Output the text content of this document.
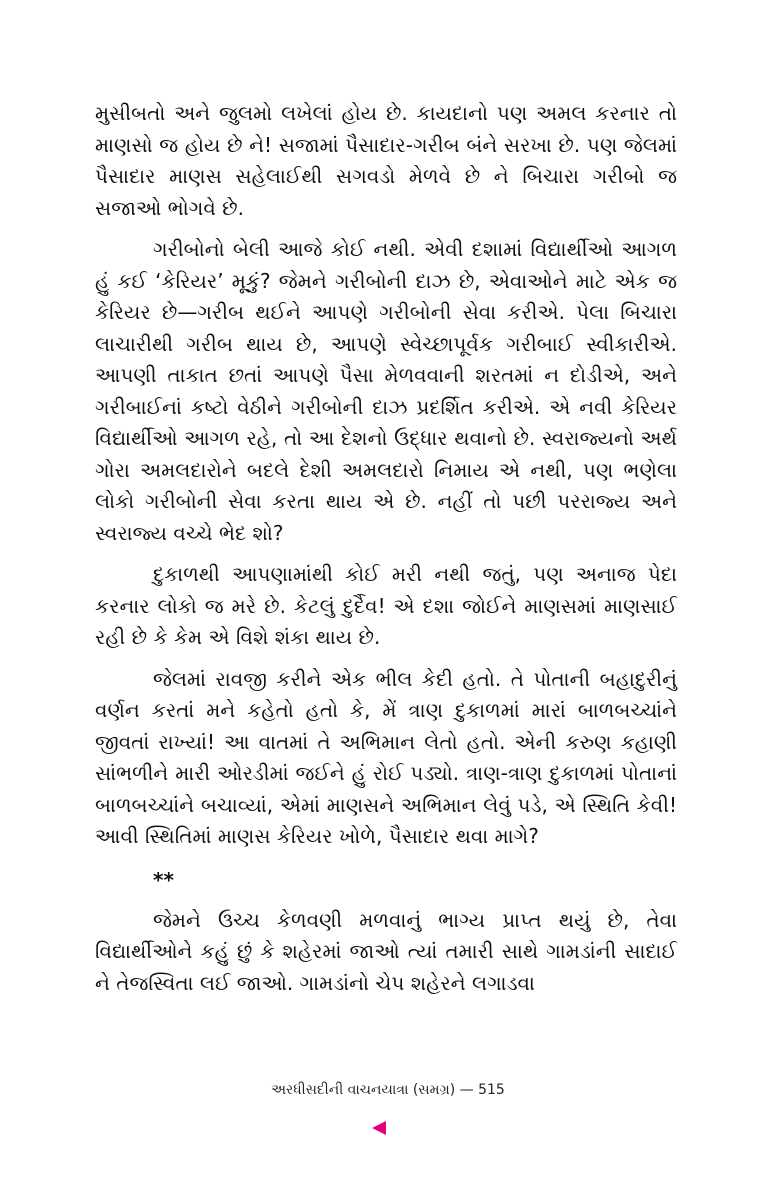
મુસીબતો અને જુલમો લખેલાં હોય છે. કાયદાનો પણ અમલ કરનાર તો માણસો જ હોય છે ને! સજામાં પૈસાદાર-ગરીબ બંને સરખા છે. પણ જેલમાં પૈસાદાર માણસ સહેલાઈથી સગવડો મેળવે છે ને બિચારા ગરીબો જ સજાઓ ભોગવે છે.

ગરીબોનો બેલી આજે કોઈ નથી. એવી દશામાં વિદ્યાર્થીઓ આગળ હું કઈ ‘કેરિયર’ મૂકું? જેમને ગરીબોની દાઝ છે, એવાઓને માટે એક જ કેરિયર છે—ગરીબ થઈને આપણે ગરીબોની સેવા કરીએ. પેલા બિચારા લાચારીથી ગરીબ થાય છે, આપણે સ્વેચ્છાપૂર્વક ગરીબાઈ સ્વીકારીએ. આપણી તાકાત છતાં આપણે પૈસા મેળવવાની શરતમાં ન દોડીએ, અને ગરીબાઈનાં કષ્ટો વેઠીને ગરીબોની દાઝ પ્રદર્શિત કરીએ. એ નવી કેરિયર વિદ્યાર્થીઓ આગળ રહે, તો આ દેશનો ઉદ્ધાર થવાનો છે. સ્વરાજ્યનો અર્થ ગોરા અમલદારોને બદલે દેશી અમલદારો નિમાય એ નથી, પણ ભણેલા લોકો ગરીબોની સેવા કરતા થાય એ છે. નહીં તો પછી પરરાજ્ય અને સ્વરાજ્ય વચ્ચે ભેદ શો?

દુકાળથી આપણામાંથી કોઈ મરી નથી જતું, પણ અનાજ પેદા કરનાર લોકો જ મરે છે. કેટલું દુર્દૈવ! એ દશા જોઈને માણસમાં માણસાઈ રહી છે કે કેમ એ વિશે શંકા થાય છે.

જેલમાં રાવજી કરીને એક ભીલ કેદી હતો. તે પોતાની બહાદુરીનું વર્ણન કરતાં મને કહેતો હતો કે, મેં ત્રાણ દુકાળમાં મારાં બાળબચ્ચાંને જીવતાં રાખ્યાં! આ વાતમાં તે અભિમાન લેતો હતો. એની કરુણ કહાણી સાંભળીને મારી ઓરડીમાં જઈને હું રોઈ પડ્યો. ત્રાણ-ત્રાણ દુકાળમાં પોતાનાં બાળબચ્ચાંને બચાવ્યાં, એમાં માણસને અભિમાન લેવું પડે, એ સ્થિતિ કેવી! આવી સ્થિતિમાં માણસ કેરિયર ખોળે, પૈસાદાર થવા માગે?

**

જેમને ઉચ્ચ કેળવણી મળવાનું ભાગ્ય પ્રાપ્ત થયું છે, તેવા વિદ્યાર્થીઓને કહું છું કે શહેરમાં જાઓ ત્યાં તમારી સાથે ગામડાંની સાદાઈ ને તેજસ્વિતા લઈ જાઓ. ગામડાંનો ચેપ શહેરને લગાડવા

અરધીસદીની વાચનયાત્રા (સમગ્ર) — 515
